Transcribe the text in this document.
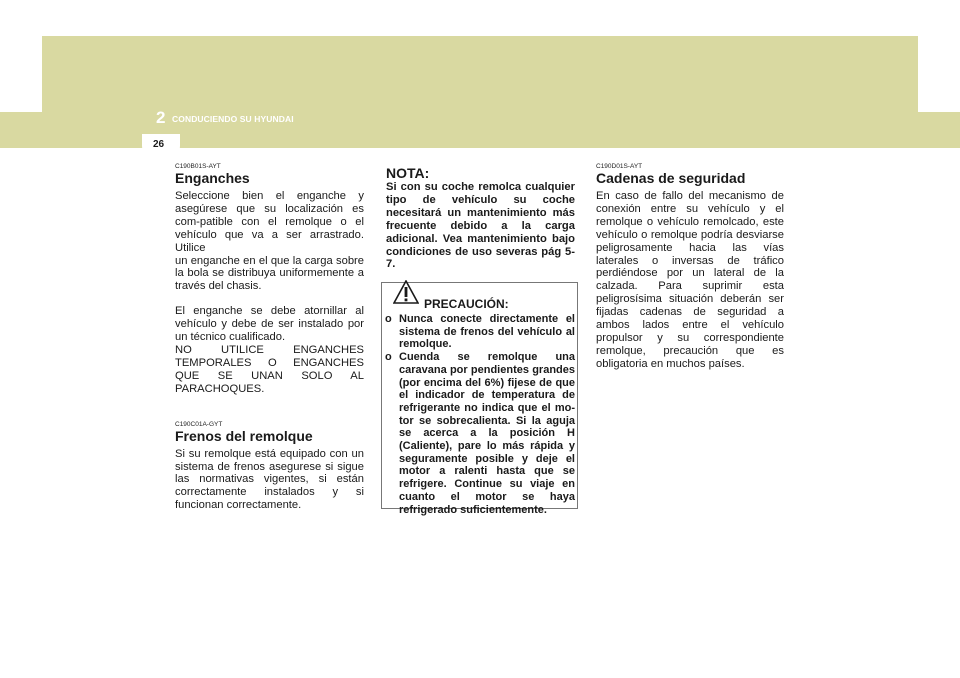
2 CONDUCIENDO SU HYUNDAI
26

C190B01S-AYT

Enganches

Seleccione bien el enganche y asegúrese que su localización es com-patible con el remolque o el vehículo que va a ser arrastrado. Utilice

un enganche en el que la carga sobre la bola se distribuya uniformemente a través del chasis.

El enganche se debe atornillar al vehículo y debe de ser instalado por un técnico cualificado.

NO UTILICE ENGANCHES TEMPORALES O ENGANCHES QUE SE UNAN SOLO AL PARACHOQUES.

C190C01A-GYT

Frenos del remolque

Si su remolque está equipado con un sistema de frenos asegurese si sigue las normativas vigentes, si están correctamente instalados y si funcionan correctamente.

NOTA:

Si con su coche remolca cualquier tipo de vehículo su coche necesitará un mantenimiento más frecuente debido a la carga adicional. Vea mantenimiento bajo condiciones de uso severas pág 5-7.

PRECAUCIÓN:
o Nunca conecte directamente el sistema de frenos del vehículo al remolque.
o Cuenda se remolque una caravana por pendientes grandes (por encima del 6%) fijese de que el indicador de temperatura de refrigerante no indica que el mo-tor se sobrecalienta. Si la aguja se acerca a la posición H (Caliente), pare lo más rápida y seguramente posible y deje el motor a ralenti hasta que se refrigere. Continue su viaje en cuanto el motor se haya refrigerado suficientemente.

C190D01S-AYT

Cadenas de seguridad

En caso de fallo del mecanismo de conexión entre su vehículo y el remolque o vehículo remolcado, este vehículo o remolque podría desviarse peligrosamente hacia las vías laterales o inversas de tráfico perdiéndose por un lateral de la calzada. Para suprimir esta peligrosísima situación deberán ser fijadas cadenas de seguridad a ambos lados entre el vehículo propulsor y su correspondiente remolque, precaución que es obligatoria en muchos países.
